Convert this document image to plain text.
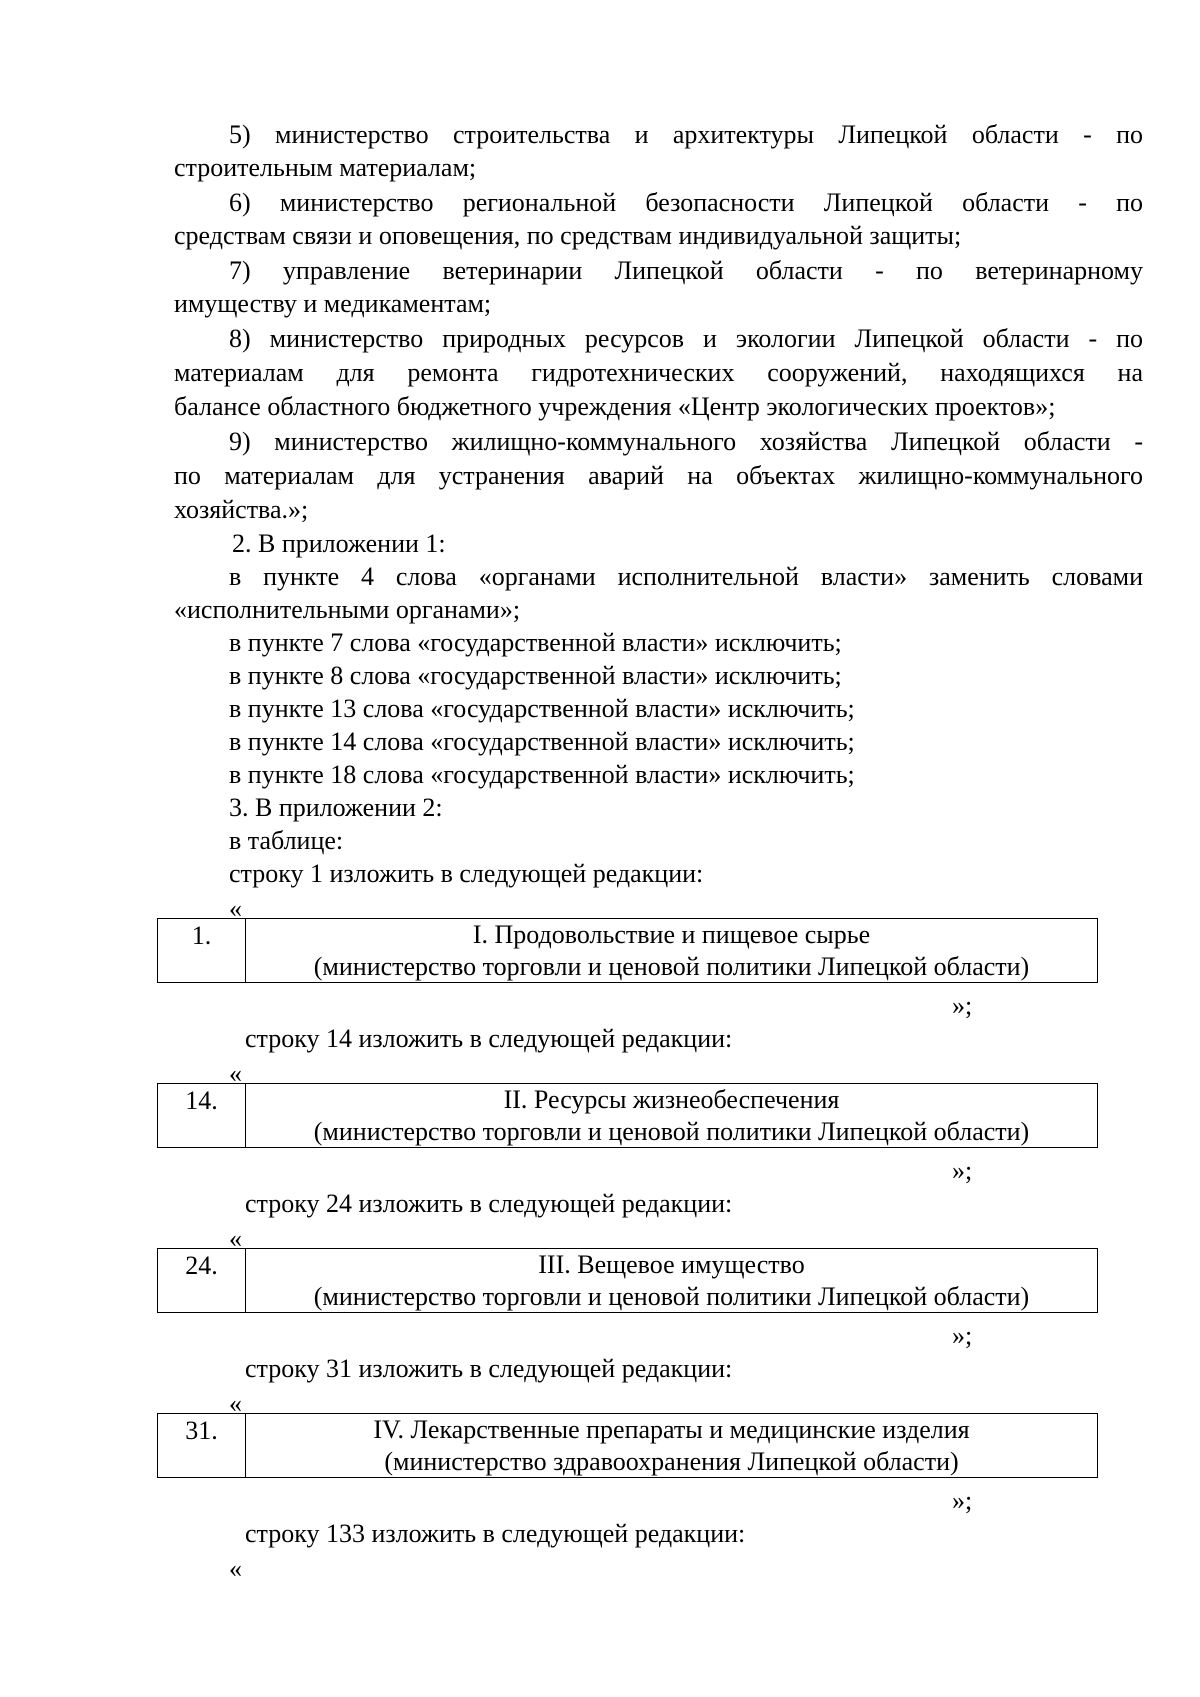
5) министерство строительства и архитектуры Липецкой области - по
строительным материалам;
6) министерство региональной безопасности Липецкой области - по
средствам связи и оповещения, по средствам индивидуальной защиты;
7) управление ветеринарии Липецкой области - по ветеринарному
имуществу и медикаментам;
8) министерство природных ресурсов и экологии Липецкой области - по
материалам для ремонта гидротехнических сооружений, находящихся на
балансе областного бюджетного учреждения «Центр экологических проектов»;
9) министерство жилищно-коммунального хозяйства Липецкой области -
по материалам для устранения аварий на объектах жилищно-коммунального
хозяйства.»;
2. В приложении 1:
в пункте 4 слова «органами исполнительной власти» заменить словами
«исполнительными органами»;
в пункте 7 слова «государственной власти» исключить;
в пункте 8 слова «государственной власти» исключить;
в пункте 13 слова «государственной власти» исключить;
в пункте 14 слова «государственной власти» исключить;
в пункте 18 слова «государственной власти» исключить;
3. В приложении 2:
в таблице:
строку 1 изложить в следующей редакции:
«
1.	I. Продовольствие и пищевое сырье
(министерство торговли и ценовой политики Липецкой области)
»;
строку 14 изложить в следующей редакции:
«
14.	II. Ресурсы жизнеобеспечения
(министерство торговли и ценовой политики Липецкой области)
»;
строку 24 изложить в следующей редакции:
«
24.	III. Вещевое имущество
(министерство торговли и ценовой политики Липецкой области)
»;
строку 31 изложить в следующей редакции:
«
31.	IV. Лекарственные препараты и медицинские изделия
(министерство здравоохранения Липецкой области)
»;
строку 133 изложить в следующей редакции:
«
